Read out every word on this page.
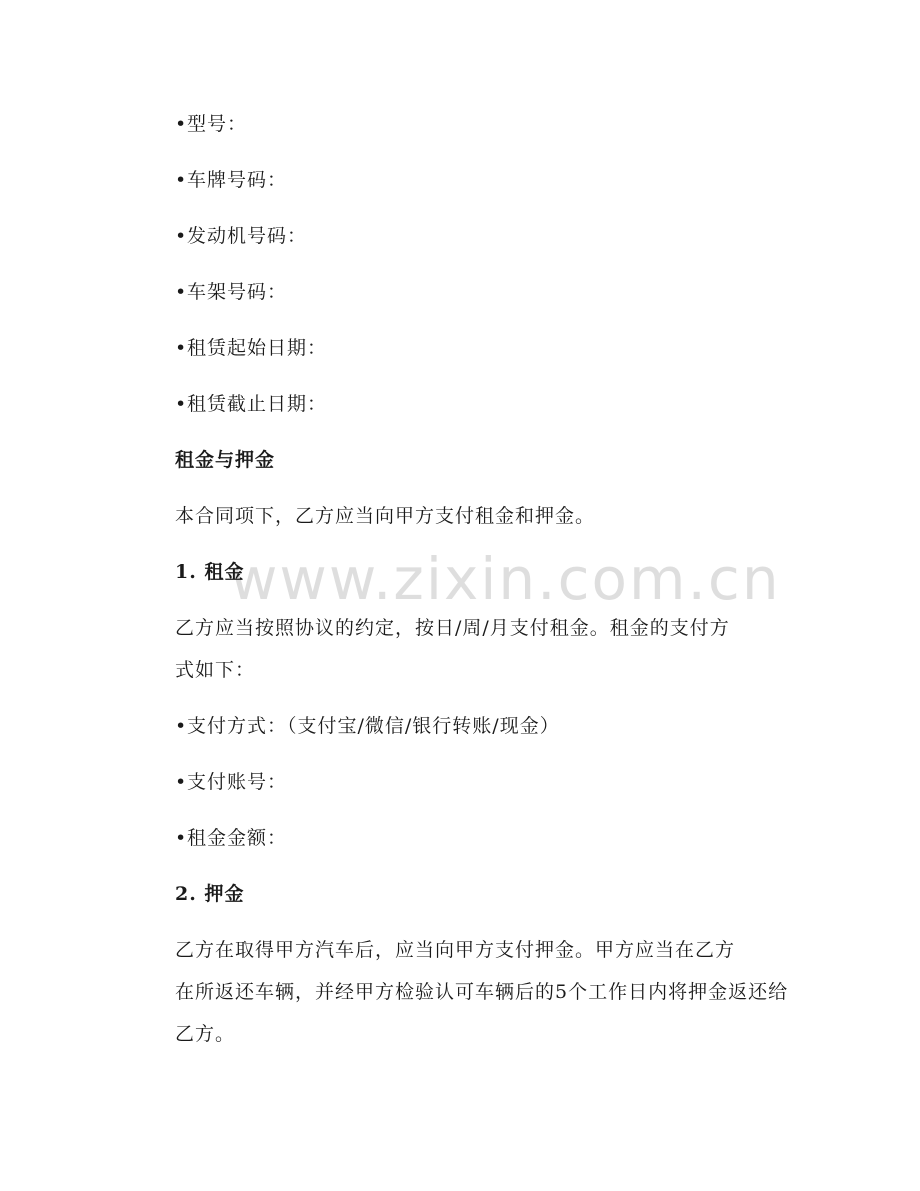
www.zixin.com.cn
•型号：
•车牌号码：
•发动机号码：
•车架号码：
•租赁起始日期：
•租赁截止日期：
租金与押金
本合同项下，乙方应当向甲方支付租金和押金。
1. 租金
乙方应当按照协议的约定，按日/周/月支付租金。租金的支付方
式如下：
•支付方式：（支付宝/微信/银行转账/现金）
•支付账号：
•租金金额：
2. 押金
乙方在取得甲方汽车后，应当向甲方支付押金。甲方应当在乙方
在所返还车辆，并经甲方检验认可车辆后的5个工作日内将押金返还给
乙方。
